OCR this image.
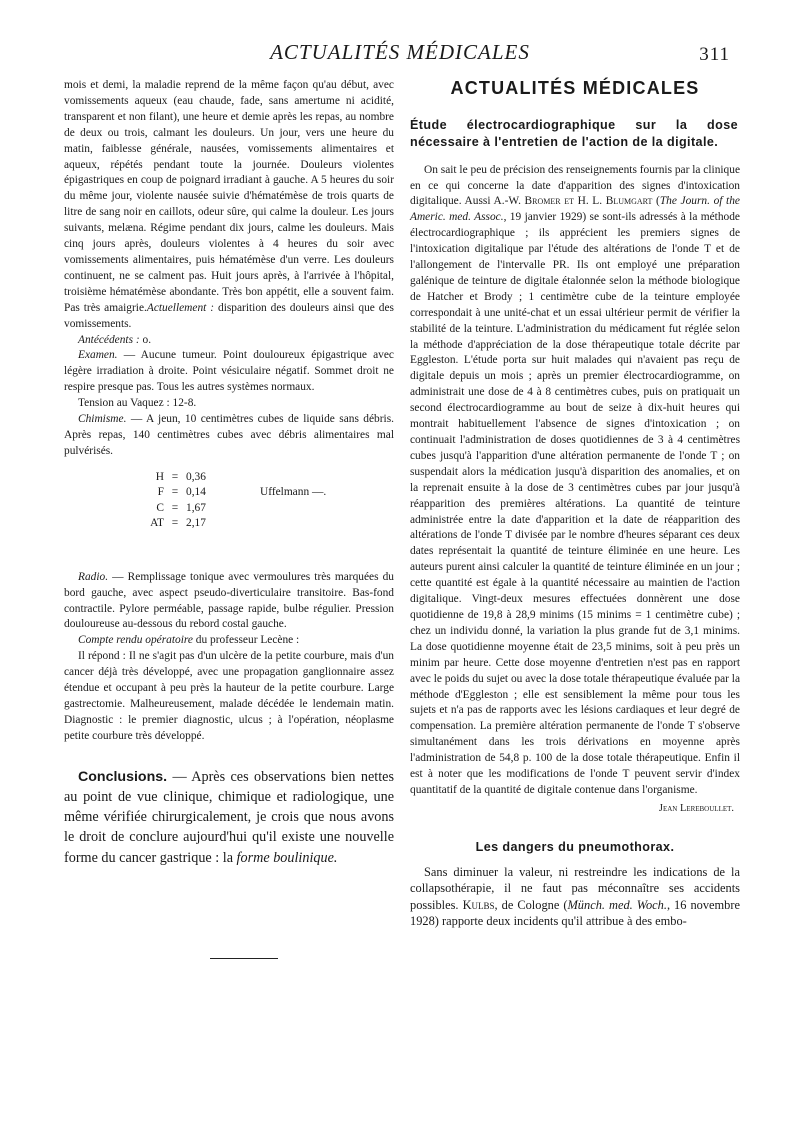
ACTUALITÉS MÉDICALES	311

mois et demi, la maladie reprend de la même façon qu'au début, avec vomissements aqueux (eau chaude, fade, sans amertume ni acidité, transparent et non filant), une heure et demie après les repas, au nombre de deux ou trois, calmant les douleurs. Un jour, vers une heure du matin, faiblesse générale, nausées, vomissements alimentaires et aqueux, répétés pendant toute la journée. Douleurs violentes épigastriques en coup de poignard irradiant à gauche. A 5 heures du soir du même jour, violente nausée suivie d'hématémèse de trois quarts de litre de sang noir en caillots, odeur sûre, qui calme la douleur. Les jours suivants, melæna. Régime pendant dix jours, calme les douleurs. Mais cinq jours après, douleurs violentes à 4 heures du soir avec vomissements alimentaires, puis hématémèse d'un verre. Les douleurs continuent, ne se calment pas. Huit jours après, à l'arrivée à l'hôpital, troisième hématémèse abondante. Très bon appétit, elle a souvent faim. Pas très amaigrie.Actuellement : disparition des douleurs ainsi que des vomissements.

Antécédents : o.

Examen. — Aucune tumeur. Point douloureux épigastrique avec légère irradiation à droite. Point vésiculaire négatif. Sommet droit ne respire presque pas. Tous les autres systèmes normaux.

Tension au Vaquez : 12-8.

Chimisme. — A jeun, 10 centimètres cubes de liquide sans débris. Après repas, 140 centimètres cubes avec débris alimentaires mal pulvérisés.

H = 0,36
F = 0,14	Uffelmann —.
C = 1,67
AT = 2,17

Radio. — Remplissage tonique avec vermoulures très marquées du bord gauche, avec aspect pseudo-diverticulaire transitoire. Bas-fond contractile. Pylore perméable, passage rapide, bulbe régulier. Pression douloureuse au-dessous du rebord costal gauche.

Compte rendu opératoire du professeur Lecène :

Il répond : Il ne s'agit pas d'un ulcère de la petite courbure, mais d'un cancer déjà très développé, avec une propagation ganglionnaire assez étendue et occupant à peu près la hauteur de la petite courbure. Large gastrectomie. Malheureusement, malade décédée le lendemain matin. Diagnostic : le premier diagnostic, ulcus ; à l'opération, néoplasme petite courbure très développé.

Conclusions. — Après ces observations bien nettes au point de vue clinique, chimique et radiologique, une même vérifiée chirurgicalement, je crois que nous avons le droit de conclure aujourd'hui qu'il existe une nouvelle forme du cancer gastrique : la forme boulinique.

ACTUALITÉS MÉDICALES

Étude électrocardiographique sur la dose nécessaire à l'entretien de l'action de la digitale.

On sait le peu de précision des renseignements fournis par la clinique en ce qui concerne la date d'apparition des signes d'intoxication digitalique. Aussi A.-W. Bromer et H. L. Blumgart (The Journ. of the Americ. med. Assoc., 19 janvier 1929) se sont-ils adressés à la méthode électrocardiographique ; ils apprécient les premiers signes de l'intoxication digitalique par l'étude des altérations de l'onde T et de l'allongement de l'intervalle PR. Ils ont employé une préparation galénique de teinture de digitale étalonnée selon la méthode biologique de Hatcher et Brody ; 1 centimètre cube de la teinture employée correspondait à une unité-chat et un essai ultérieur permit de vérifier la stabilité de la teinture. L'administration du médicament fut réglée selon la méthode d'appréciation de la dose thérapeutique totale décrite par Eggleston. L'étude porta sur huit malades qui n'avaient pas reçu de digitale depuis un mois ; après un premier électrocardiogramme, on administrait une dose de 4 à 8 centimètres cubes, puis on pratiquait un second électrocardiogramme au bout de seize à dix-huit heures qui montrait habituellement l'absence de signes d'intoxication ; on continuait l'administration de doses quotidiennes de 3 à 4 centimètres cubes jusqu'à l'apparition d'une altération permanente de l'onde T ; on suspendait alors la médication jusqu'à disparition des anomalies, et on la reprenait ensuite à la dose de 3 centimètres cubes par jour jusqu'à réapparition des premières altérations. La quantité de teinture administrée entre la date d'apparition et la date de réapparition des altérations de l'onde T divisée par le nombre d'heures séparant ces deux dates représentait la quantité de teinture éliminée en une heure. Les auteurs purent ainsi calculer la quantité de teinture éliminée en un jour ; cette quantité est égale à la quantité nécessaire au maintien de l'action digitalique. Vingt-deux mesures effectuées donnèrent une dose quotidienne de 19,8 à 28,9 minims (15 minims = 1 centimètre cube) ; chez un individu donné, la variation la plus grande fut de 3,1 minims. La dose quotidienne moyenne était de 23,5 minims, soit à peu près un minim par heure. Cette dose moyenne d'entretien n'est pas en rapport avec le poids du sujet ou avec la dose totale thérapeutique évaluée par la méthode d'Eggleston ; elle est sensiblement la même pour tous les sujets et n'a pas de rapports avec les lésions cardiaques et leur degré de compensation. La première altération permanente de l'onde T s'observe simultanément dans les trois dérivations en moyenne après l'administration de 54,8 p. 100 de la dose totale thérapeutique. Enfin il est à noter que les modifications de l'onde T peuvent servir d'index quantitatif de la quantité de digitale contenue dans l'organisme.

Jean Lereboullet.

Les dangers du pneumothorax.

Sans diminuer la valeur, ni restreindre les indications de la collapsothérapie, il ne faut pas méconnaître ses accidents possibles. Kulbs, de Cologne (Münch. med. Woch., 16 novembre 1928) rapporte deux incidents qu'il attribue à des embo-
